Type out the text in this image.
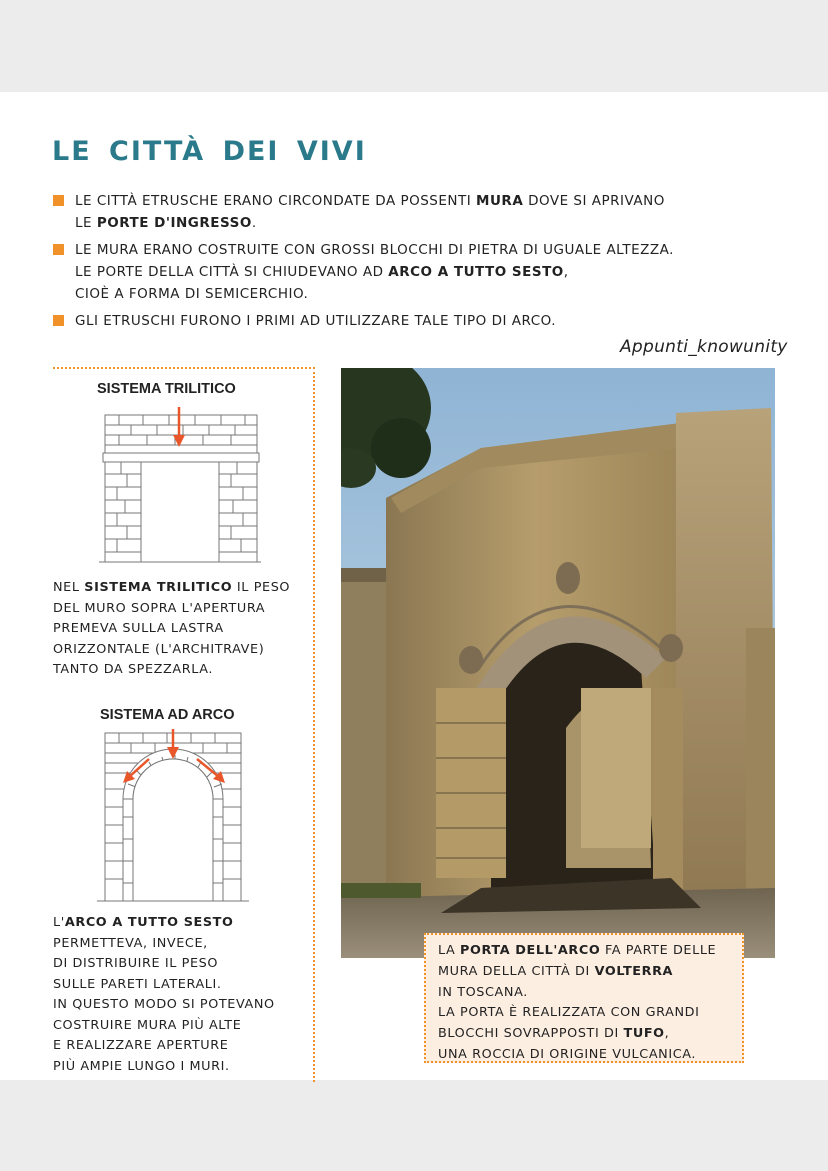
LE CITTÀ DEI VIVI
LE CITTÀ ETRUSCHE ERANO CIRCONDATE DA POSSENTI MURA DOVE SI APRIVANO
LE PORTE D'INGRESSO.
LE MURA ERANO COSTRUITE CON GROSSI BLOCCHI DI PIETRA DI UGUALE ALTEZZA.
LE PORTE DELLA CITTÀ SI CHIUDEVANO AD ARCO A TUTTO SESTO,
CIOÈ A FORMA DI SEMICERCHIO.
GLI ETRUSCHI FURONO I PRIMI AD UTILIZZARE TALE TIPO DI ARCO.
Appunti_knowunity
SISTEMA TRILITICO
NEL SISTEMA TRILITICO IL PESO
DEL MURO SOPRA L'APERTURA
PREMEVA SULLA LASTRA
ORIZZONTALE (L'ARCHITRAVE)
TANTO DA SPEZZARLA.
SISTEMA AD ARCO
L'ARCO A TUTTO SESTO
PERMETTEVA, INVECE,
DI DISTRIBUIRE IL PESO
SULLE PARETI LATERALI.
IN QUESTO MODO SI POTEVANO
COSTRUIRE MURA PIÙ ALTE
E REALIZZARE APERTURE
PIÙ AMPIE LUNGO I MURI.
LA PORTA DELL'ARCO FA PARTE DELLE
MURA DELLA CITTÀ DI VOLTERRA
IN TOSCANA.
LA PORTA È REALIZZATA CON GRANDI
BLOCCHI SOVRAPPOSTI DI TUFO,
UNA ROCCIA DI ORIGINE VULCANICA.
